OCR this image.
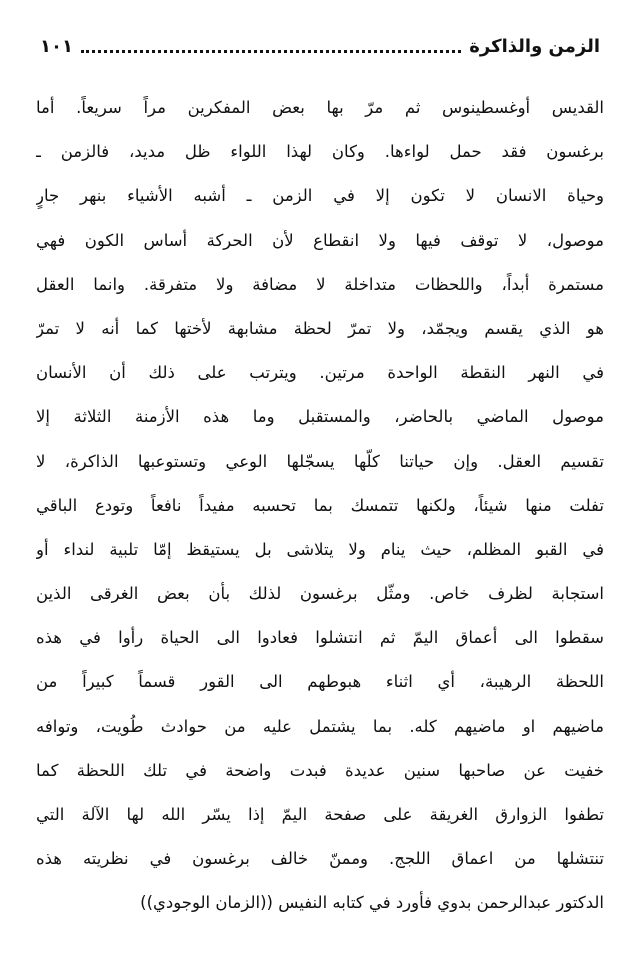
الزمن والذاكرة
١٠١
القديس أوغسطينوس ثم مرّ بها بعض المفكرين مراً سريعاً. أما
برغسون فقد حمل لواءها. وكان لهذا اللواء ظل مديد، فالزمن ـ
وحياة الانسان لا تكون إلا في الزمن ـ أشبه الأشياء بنهر جارٍ
موصول، لا توقف فيها ولا انقطاع لأن الحركة أساس الكون فهي
مستمرة أبداً، واللحظات متداخلة لا مضافة ولا متفرقة. وانما العقل
هو الذي يقسم ويجمّد، ولا تمرّ لحظة مشابهة لأختها كما أنه لا تمرّ
في النهر النقطة الواحدة مرتين. ويترتب على ذلك أن الأنسان
موصول الماضي بالحاضر، والمستقبل وما هذه الأزمنة الثلاثة إلا
تقسيم العقل. وإن حياتنا كلّها يسجّلها الوعي وتستوعبها الذاكرة، لا
تفلت منها شيئاً، ولكنها تتمسك بما تحسبه مفيداً نافعاً وتودع الباقي
في القبو المظلم، حيث ينام ولا يتلاشى بل يستيقظ إمّا تلبية لنداء أو
استجابة لظرف خاص. ومثّل برغسون لذلك بأن بعض الغرقى الذين
سقطوا الى أعماق اليمّ ثم انتشلوا فعادوا الى الحياة رأوا في هذه
اللحظة الرهيبة، أي اثناء هبوطهم الى القور قسماً كبيراً من
ماضيهم او ماضيهم كله. بما يشتمل عليه من حوادث طُويت، وتوافه
خفيت عن صاحبها سنين عديدة فبدت واضحة في تلك اللحظة كما
تطفوا الزوارق الغريقة على صفحة اليمّ إذا يسّر الله لها الآلة التي
تنتشلها من اعماق اللجج. وممنّ خالف برغسون في نظريته هذه
الدكتور عبدالرحمن بدوي فأورد في كتابه النفيس ((الزمان الوجودي))
